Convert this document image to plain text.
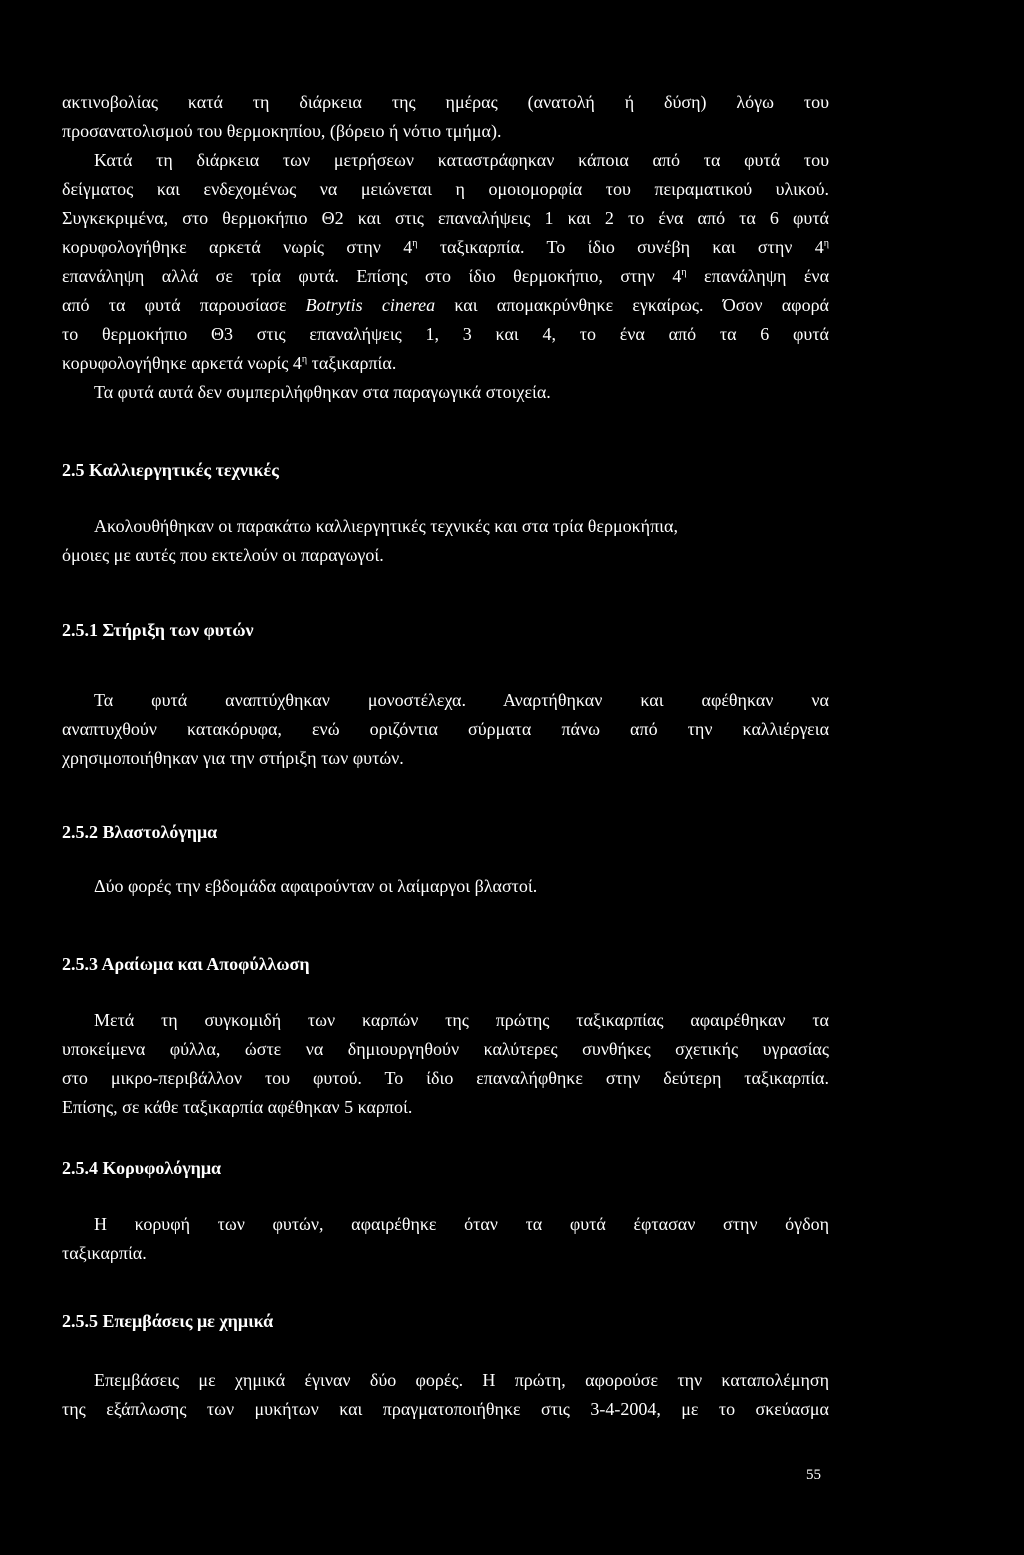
ακτινοβολίας κατά τη διάρκεια της ημέρας (ανατολή ή δύση) λόγω του

προσανατολισμού του θερμοκηπίου, (βόρειο ή νότιο τμήμα).

Κατά τη διάρκεια των μετρήσεων καταστράφηκαν κάποια από τα φυτά του

δείγματος και ενδεχομένως να μειώνεται η ομοιομορφία του πειραματικού υλικού.

Συγκεκριμένα, στο θερμοκήπιο Θ2 και στις επαναλήψεις 1 και 2 το ένα από τα 6 φυτά

κορυφολογήθηκε αρκετά νωρίς στην $4^\eta$ ταξικαρπία. Το ίδιο συνέβη και στην $4^\eta$

επανάληψη αλλά σε τρία φυτά. Επίσης στο ίδιο θερμοκήπιο, στην $4^\eta$ επανάληψη ένα

από τα φυτά παρουσίασε Botrytis cinerea και απομακρύνθηκε εγκαίρως. Όσον αφορά

το θερμοκήπιο Θ3 στις επαναλήψεις 1, 3 και 4, το ένα από τα 6 φυτά

κορυφολογήθηκε αρκετά νωρίς $4^\eta$ ταξικαρπία.

Τα φυτά αυτά δεν συμπεριλήφθηκαν στα παραγωγικά στοιχεία.

2.5 Καλλιεργητικές τεχνικές

Ακολουθήθηκαν οι παρακάτω καλλιεργητικές τεχνικές και στα τρία θερμοκήπια,

όμοιες με αυτές που εκτελούν οι παραγωγοί.

2.5.1 Στήριξη των φυτών

Τα φυτά αναπτύχθηκαν μονοστέλεχα. Αναρτήθηκαν και αφέθηκαν να

αναπτυχθούν κατακόρυφα, ενώ οριζόντια σύρματα πάνω από την καλλιέργεια

χρησιμοποιήθηκαν για την στήριξη των φυτών.

2.5.2 Βλαστολόγημα

Δύο φορές την εβδομάδα αφαιρούνταν οι λαίμαργοι βλαστοί.

2.5.3 Αραίωμα και Αποφύλλωση

Μετά τη συγκομιδή των καρπών της πρώτης ταξικαρπίας αφαιρέθηκαν τα

υποκείμενα φύλλα, ώστε να δημιουργηθούν καλύτερες συνθήκες σχετικής υγρασίας

στο μικρο-περιβάλλον του φυτού. Το ίδιο επαναλήφθηκε στην δεύτερη ταξικαρπία.

Επίσης, σε κάθε ταξικαρπία αφέθηκαν 5 καρποί.

2.5.4 Κορυφολόγημα

Η κορυφή των φυτών, αφαιρέθηκε όταν τα φυτά έφτασαν στην όγδοη

ταξικαρπία.

2.5.5 Επεμβάσεις με χημικά

Επεμβάσεις με χημικά έγιναν δύο φορές. Η πρώτη, αφορούσε την καταπολέμηση

της εξάπλωσης των μυκήτων και πραγματοποιήθηκε στις 3-4-2004, με το σκεύασμα

55
